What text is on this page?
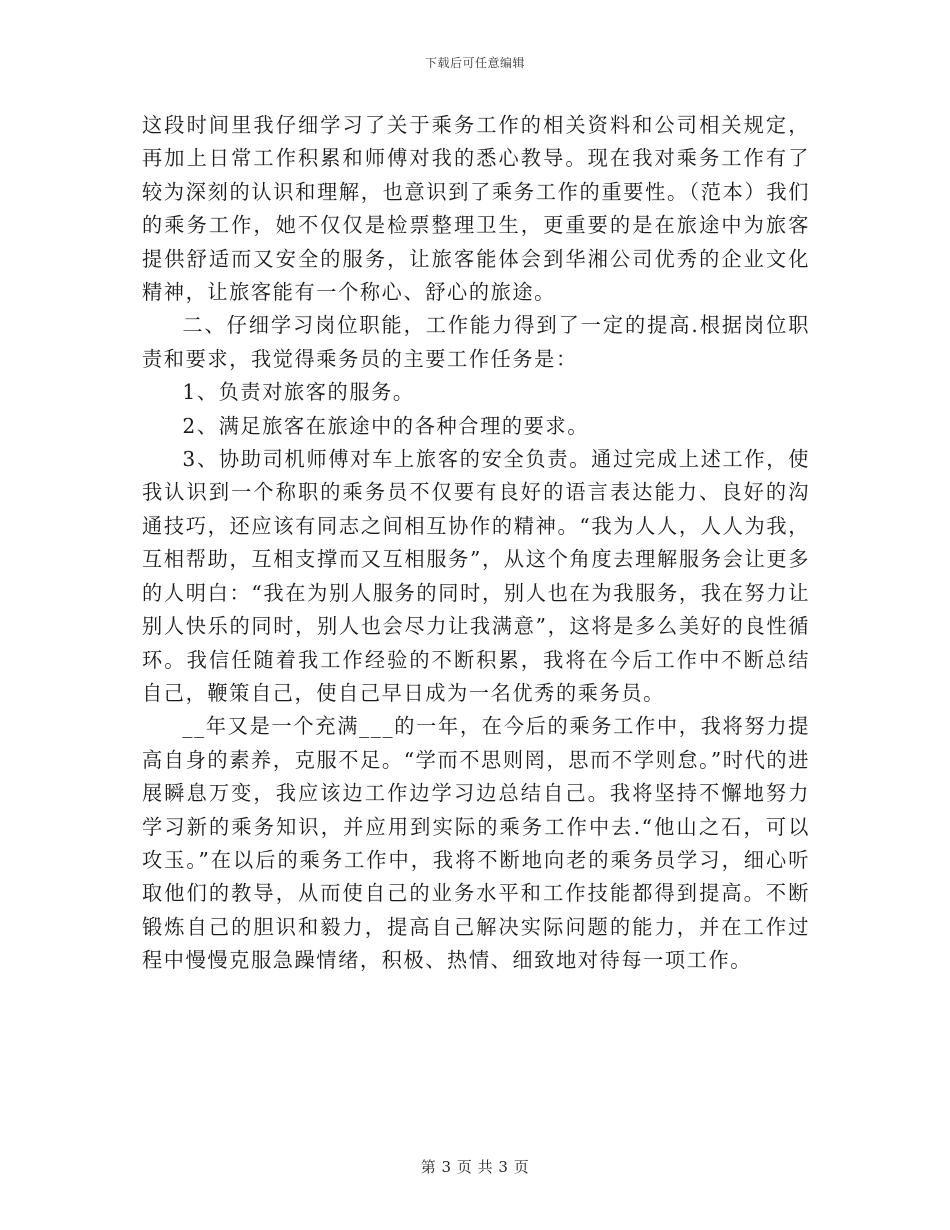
下载后可任意编辑

这段时间里我仔细学习了关于乘务工作的相关资料和公司相关规定，再加上日常工作积累和师傅对我的悉心教导。现在我对乘务工作有了较为深刻的认识和理解，也意识到了乘务工作的重要性。（范本）我们的乘务工作，她不仅仅是检票整理卫生，更重要的是在旅途中为旅客提供舒适而又安全的服务，让旅客能体会到华湘公司优秀的企业文化精神，让旅客能有一个称心、舒心的旅途。

二、仔细学习岗位职能，工作能力得到了一定的提高.根据岗位职责和要求，我觉得乘务员的主要工作任务是：

1、负责对旅客的服务。

2、满足旅客在旅途中的各种合理的要求。

3、协助司机师傅对车上旅客的安全负责。通过完成上述工作，使我认识到一个称职的乘务员不仅要有良好的语言表达能力、良好的沟通技巧，还应该有同志之间相互协作的精神。“我为人人，人人为我，互相帮助，互相支撑而又互相服务”，从这个角度去理解服务会让更多的人明白：“我在为别人服务的同时，别人也在为我服务，我在努力让别人快乐的同时，别人也会尽力让我满意”，这将是多么美好的良性循环。我信任随着我工作经验的不断积累，我将在今后工作中不断总结自己，鞭策自己，使自己早日成为一名优秀的乘务员。

__年又是一个充满___的一年，在今后的乘务工作中，我将努力提高自身的素养，克服不足。“学而不思则罔，思而不学则怠。”时代的进展瞬息万变，我应该边工作边学习边总结自己。我将坚持不懈地努力学习新的乘务知识，并应用到实际的乘务工作中去.“他山之石，可以攻玉。”在以后的乘务工作中，我将不断地向老的乘务员学习，细心听取他们的教导，从而使自己的业务水平和工作技能都得到提高。不断锻炼自己的胆识和毅力，提高自己解决实际问题的能力，并在工作过程中慢慢克服急躁情绪，积极、热情、细致地对待每一项工作。

第 3 页 共 3 页
